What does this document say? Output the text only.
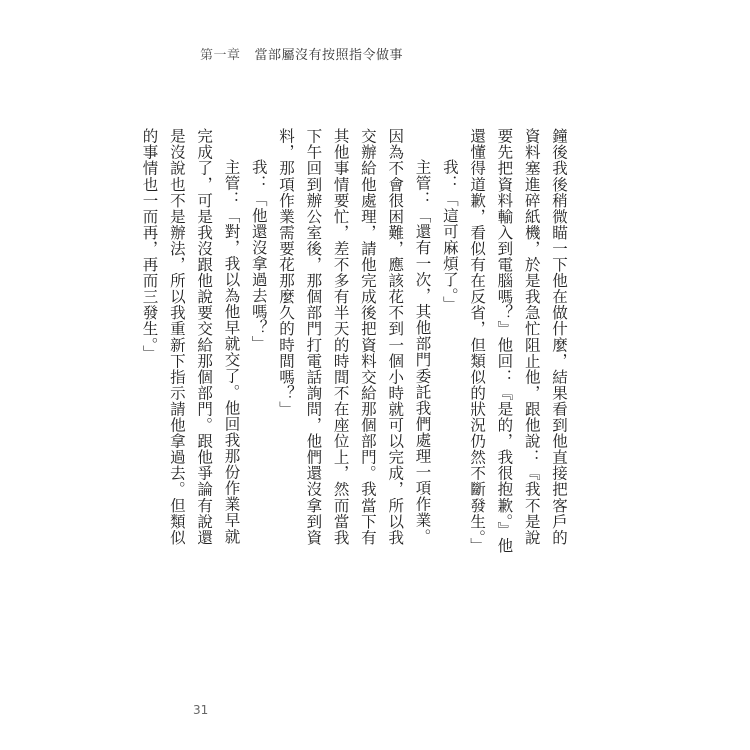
第一章 當部屬沒有按照指令做事

鐘後我後稍微瞄一下他在做什麼，結果看到他直接把客戶的資料塞進碎紙機，於是我急忙阻止他，跟他說：『我不是說要先把資料輸入到電腦嗎？』他回：『是的，我很抱歉。』他還懂得道歉，看似有在反省，但類似的狀況仍然不斷發生。」

我：「這可麻煩了。」

主管：「還有一次，其他部門委託我們處理一項作業。因為不會很困難，應該花不到一個小時就可以完成，所以我交辦給他處理，請他完成後把資料交給那個部門。我當下有其他事情要忙，差不多有半天的時間不在座位上，然而當我下午回到辦公室後，那個部門打電話詢問，他們還沒拿到資料，那項作業需要花那麼久的時間嗎？」

我：「他還沒拿過去嗎？」

主管：「對，我以為他早就交了。他回我那份作業早就完成了，可是我沒跟他說要交給那個部門。跟他爭論有說還是沒說也不是辦法，所以我重新下指示請他拿過去。但類似的事情也一而再，再而三發生。」

31
